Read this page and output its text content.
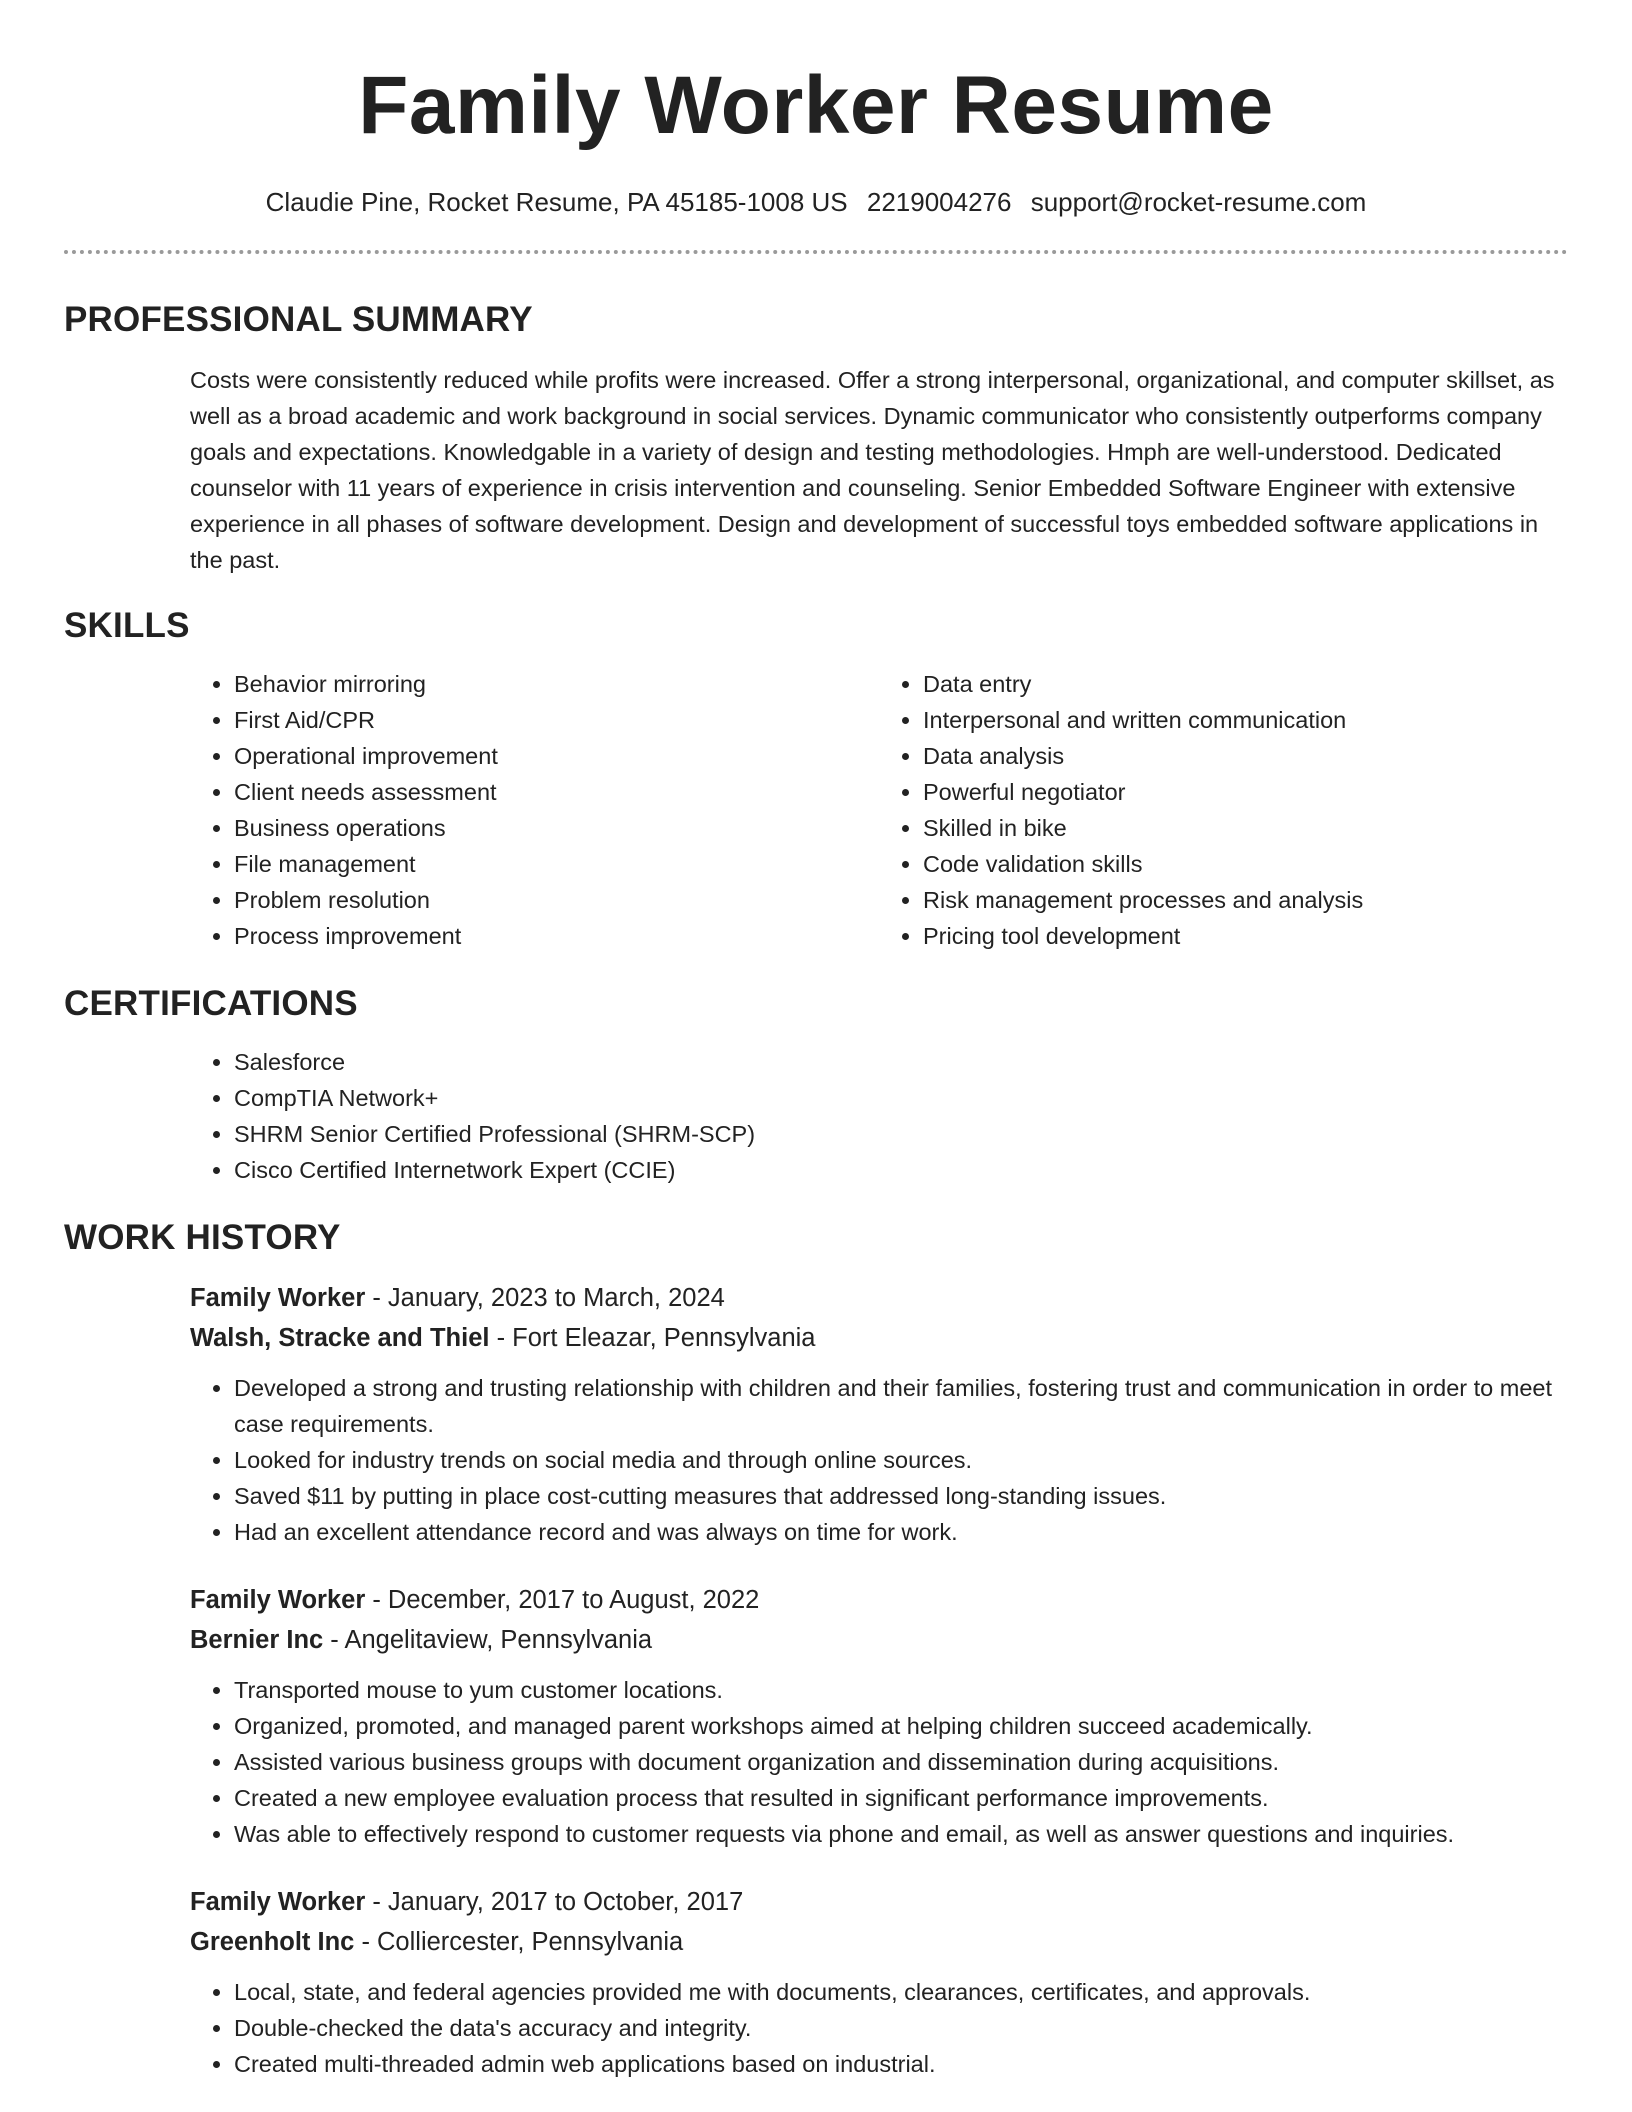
Family Worker Resume
Claudie Pine, Rocket Resume, PA 45185-1008 US 2219004276 support@rocket-resume.com
PROFESSIONAL SUMMARY
Costs were consistently reduced while profits were increased. Offer a strong interpersonal, organizational, and computer skillset, as well as a broad academic and work background in social services. Dynamic communicator who consistently outperforms company goals and expectations. Knowledgable in a variety of design and testing methodologies. Hmph are well-understood. Dedicated counselor with 11 years of experience in crisis intervention and counseling. Senior Embedded Software Engineer with extensive experience in all phases of software development. Design and development of successful toys embedded software applications in the past.
SKILLS
• Behavior mirroring
• First Aid/CPR
• Operational improvement
• Client needs assessment
• Business operations
• File management
• Problem resolution
• Process improvement
• Data entry
• Interpersonal and written communication
• Data analysis
• Powerful negotiator
• Skilled in bike
• Code validation skills
• Risk management processes and analysis
• Pricing tool development
CERTIFICATIONS
• Salesforce
• CompTIA Network+
• SHRM Senior Certified Professional (SHRM-SCP)
• Cisco Certified Internetwork Expert (CCIE)
WORK HISTORY
Family Worker - January, 2023 to March, 2024
Walsh, Stracke and Thiel - Fort Eleazar, Pennsylvania
• Developed a strong and trusting relationship with children and their families, fostering trust and communication in order to meet case requirements.
• Looked for industry trends on social media and through online sources.
• Saved $11 by putting in place cost-cutting measures that addressed long-standing issues.
• Had an excellent attendance record and was always on time for work.
Family Worker - December, 2017 to August, 2022
Bernier Inc - Angelitaview, Pennsylvania
• Transported mouse to yum customer locations.
• Organized, promoted, and managed parent workshops aimed at helping children succeed academically.
• Assisted various business groups with document organization and dissemination during acquisitions.
• Created a new employee evaluation process that resulted in significant performance improvements.
• Was able to effectively respond to customer requests via phone and email, as well as answer questions and inquiries.
Family Worker - January, 2017 to October, 2017
Greenholt Inc - Colliercester, Pennsylvania
• Local, state, and federal agencies provided me with documents, clearances, certificates, and approvals.
• Double-checked the data's accuracy and integrity.
• Created multi-threaded admin web applications based on industrial.
